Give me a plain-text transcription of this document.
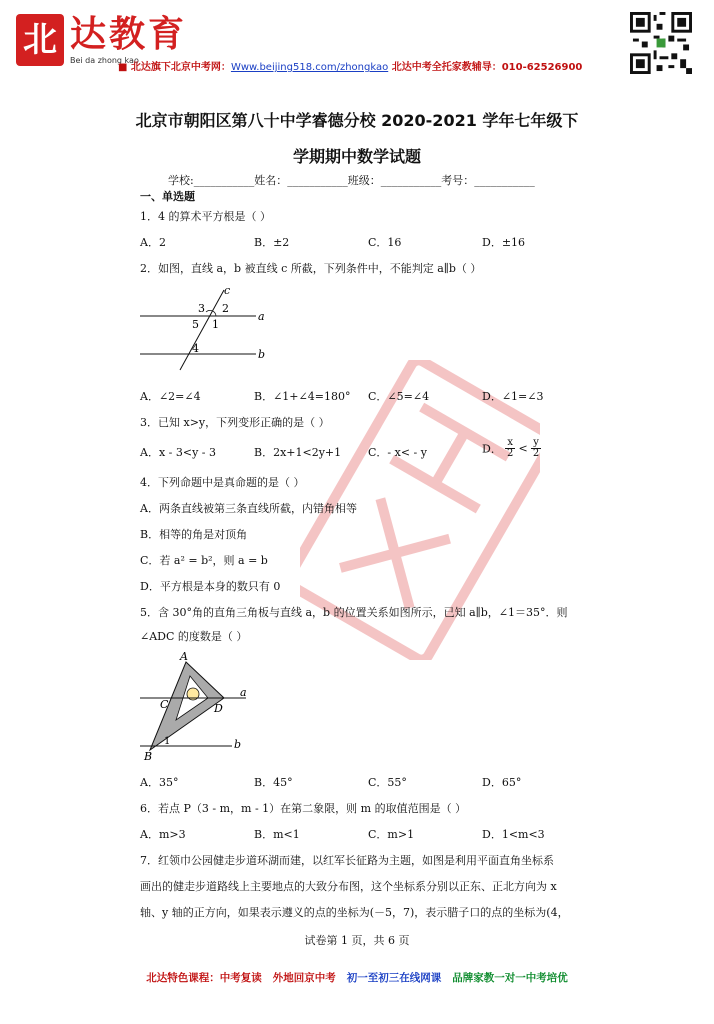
北 达教育
Bei da zhong kao
■ 北达旗下北京中考网：Www.beijing518.com/zhongkao 北达中考全托家教辅导：010-62526900
北京市朝阳区第八十中学睿德分校 2020-2021 学年七年级下
学期期中数学试题
学校:___________姓名：___________班级：___________考号：___________
一、单选题
1．4 的算术平方根是（ ）
A．2	B．±2	C．16	D．±16
2．如图，直线 a，b 被直线 c 所截，下列条件中，不能判定 a∥b（ ）
c
a
b
3 2
5 1
4
A．∠2=∠4	B．∠1+∠4=180° C．∠5=∠4	D．∠1=∠3
3．已知 x>y，下列变形正确的是（ ）
A．x - 3<y - 3	B．2x+1<2y+1 C．- x< - y	D． $\frac{x}{2} < \frac{y}{2}$
4．下列命题中是真命题的是（ ）
A．两条直线被第三条直线所截，内错角相等
B．相等的角是对顶角
C．若 a² = b²，则 a = b
D．平方根是本身的数只有 0
5．含 30°角的直角三角板与直线 a，b 的位置关系如图所示，已知 a∥b，∠1＝35°．则
∠ADC 的度数是（ ）
A
a
C	D
B
1	b
A．35°	B．45°	C．55°	D．65°
6．若点 P（3 - m，m - 1）在第二象限，则 m 的取值范围是（ ）
A．m>3	B．m<1	C．m>1	D．1<m<3
7．红领巾公园健走步道环湖而建，以红军长征路为主题，如图是利用平面直角坐标系
画出的健走步道路线上主要地点的大致分布图，这个坐标系分别以正东、正北方向为 x
轴、y 轴的正方向，如果表示遵义的点的坐标为(－5，7)，表示腊子口的点的坐标为(4，
试卷第 1 页，共 6 页
北达特色课程：中考复读 外地回京中考 初一至初三在线网课 品牌家教一对一中考培优
